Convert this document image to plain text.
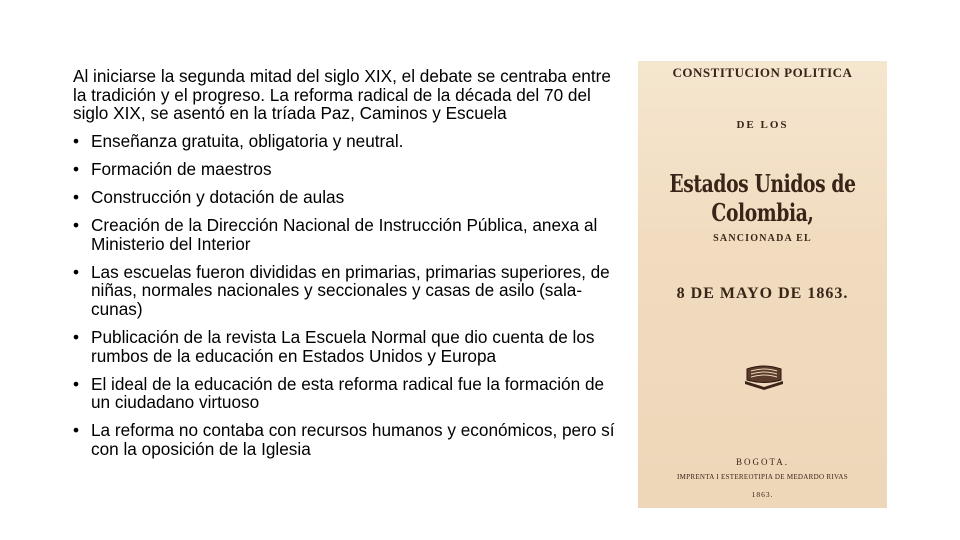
Al iniciarse la segunda mitad del siglo XIX, el debate se centraba entre la tradición y el progreso. La reforma radical de la década del 70 del siglo XIX, se asentó en la tríada Paz, Caminos y Escuela

• Enseñanza gratuita, obligatoria y neutral.
• Formación de maestros
• Construcción y dotación de aulas
• Creación de la Dirección Nacional de Instrucción Pública, anexa al Ministerio del Interior
• Las escuelas fueron divididas en primarias, primarias superiores, de niñas, normales nacionales y seccionales y casas de asilo (sala-cunas)
• Publicación de la revista La Escuela Normal que dio cuenta de los rumbos de la educación en Estados Unidos y Europa
• El ideal de la educación de esta reforma radical fue la formación de un ciudadano virtuoso
• La reforma no contaba con recursos humanos y económicos, pero sí con la oposición de la Iglesia
CONSTITUCION POLITICA
DE LOS
Estados Unidos de Colombia,
SANCIONADA EL
8 DE MAYO DE 1863.
BOGOTA.
IMPRENTA I ESTEREOTIPIA DE MEDARDO RIVAS
1863.
